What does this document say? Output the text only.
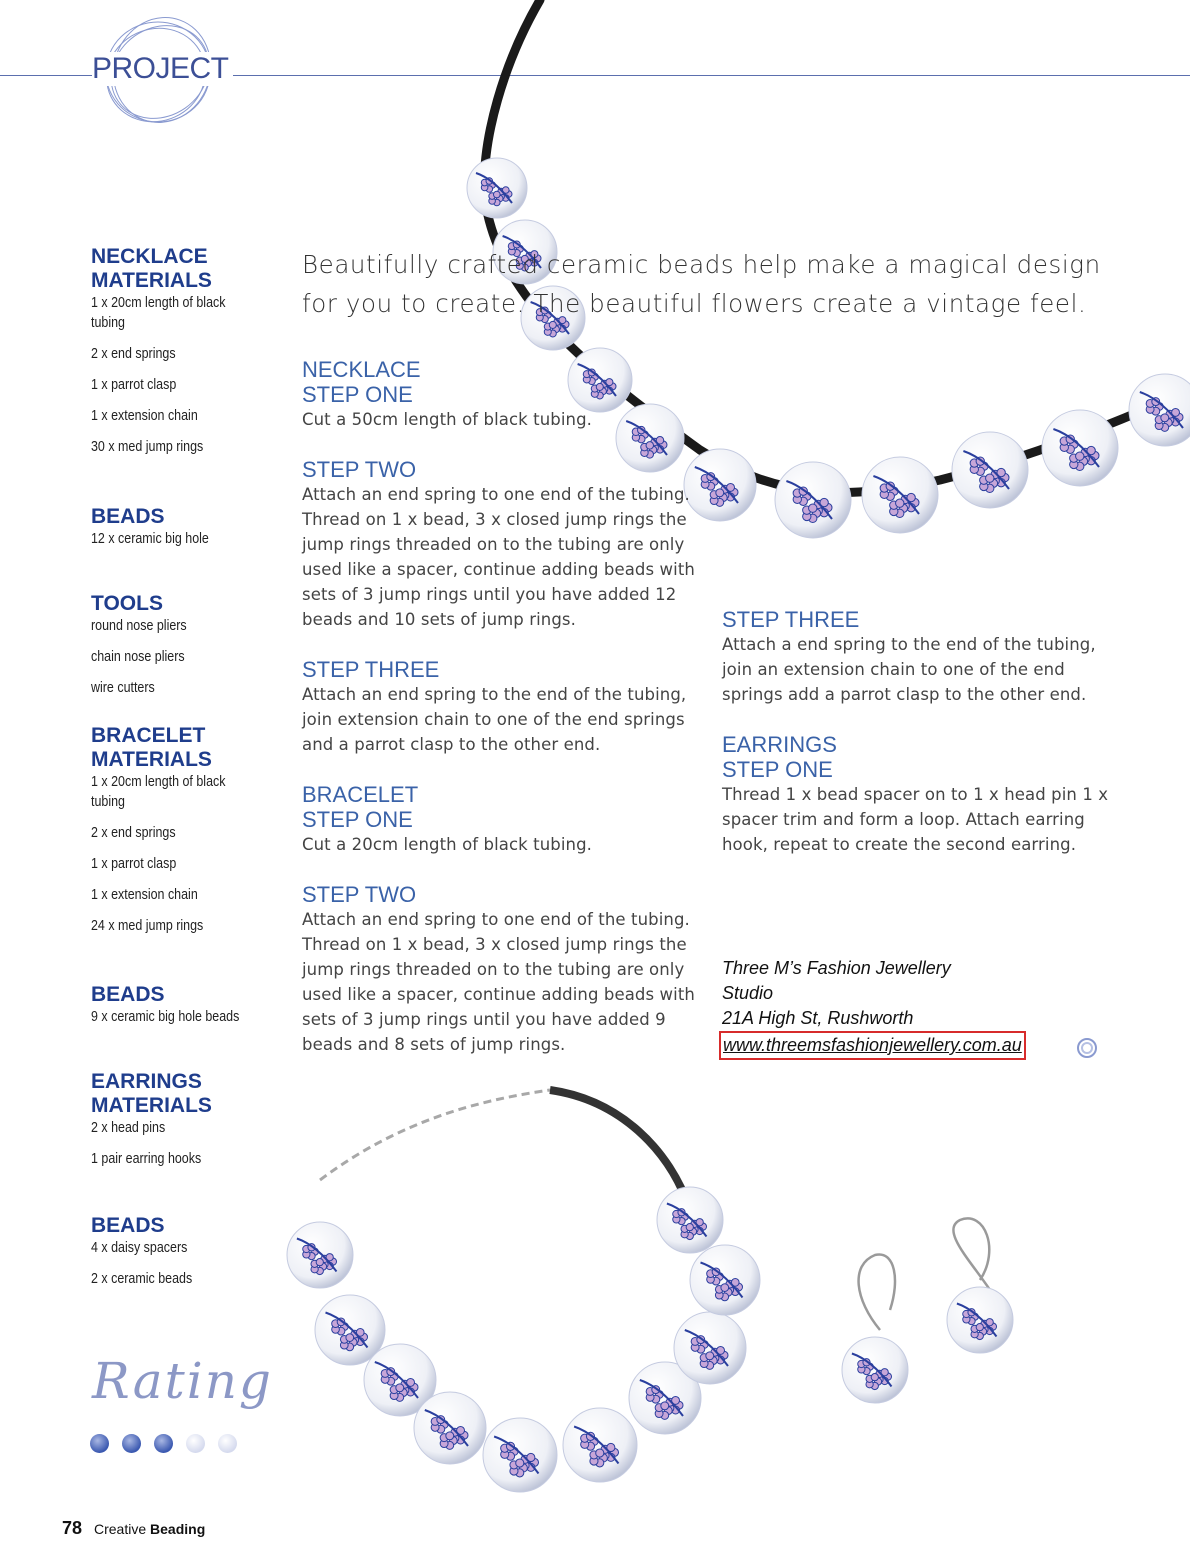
PROJECT
NECKLACE MATERIALS

1 x 20cm length of black tubing

2 x end springs

1 x parrot clasp

1 x extension chain

30 x med jump rings

BEADS

12 x ceramic big hole

TOOLS

round nose pliers

chain nose pliers

wire cutters

BRACELET MATERIALS

1 x 20cm length of black tubing

2 x end springs

1 x parrot clasp

1 x extension chain

24 x med jump rings

BEADS

9 x ceramic big hole beads

EARRINGS MATERIALS

2 x head pins

1 pair earring hooks

BEADS

4 x daisy spacers

2 x ceramic beads

Beautifully crafted ceramic beads help make a magical design for you to create. The beautiful flowers create a vintage feel.
NECKLACE
STEP ONE

Cut a 50cm length of black tubing.

STEP TWO

Attach an end spring to one end of the tubing. Thread on 1 x bead, 3 x closed jump rings the jump rings threaded on to the tubing are only used like a spacer, continue adding beads with sets of 3 jump rings until you have added 12 beads and 10 sets of jump rings.

STEP THREE

Attach an end spring to the end of the tubing, join extension chain to one of the end springs and a parrot clasp to the other end.

BRACELET
STEP ONE

Cut a 20cm length of black tubing.

STEP TWO

Attach an end spring to one end of the tubing. Thread on 1 x bead, 3 x closed jump rings the jump rings threaded on to the tubing are only used like a spacer, continue adding beads with sets of 3 jump rings until you have added 9 beads and 8 sets of jump rings.

STEP THREE

Attach a end spring to the end of the tubing, join an extension chain to one of the end springs add a parrot clasp to the other end.

EARRINGS
STEP ONE

Thread 1 x bead spacer on to 1 x head pin 1 x spacer trim and form a loop. Attach earring hook, repeat to create the second earring.

Three M’s Fashion Jewellery

Studio

21A High St, Rushworth

www.threemsfashionjewellery.com.au

Rating
78 Creative Beading
